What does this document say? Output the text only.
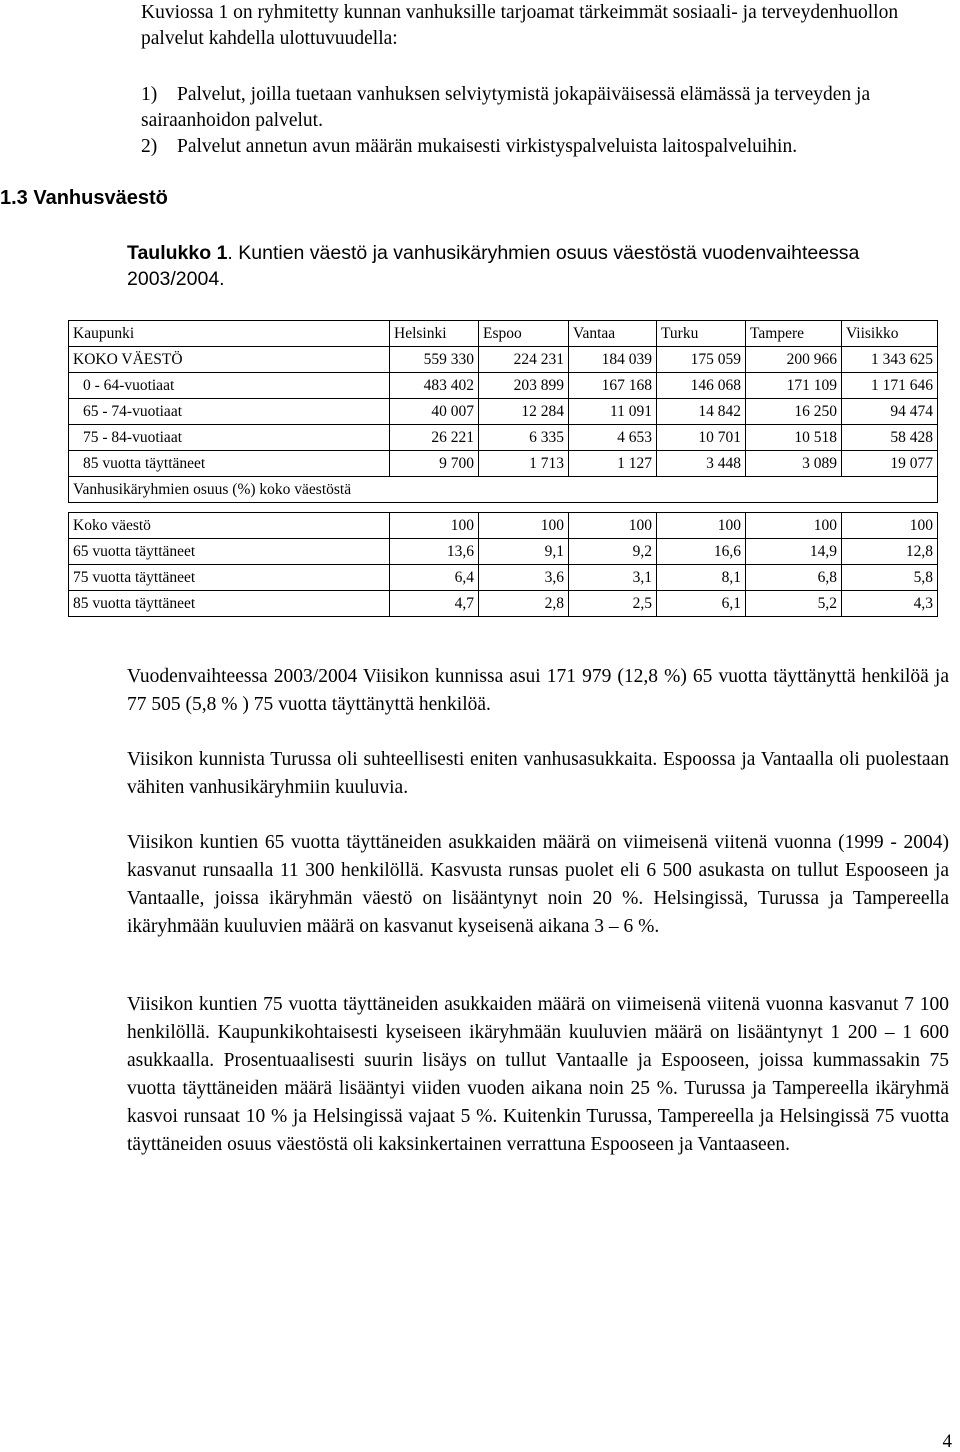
Kuviossa 1 on ryhmitetty kunnan vanhuksille tarjoamat tärkeimmät sosiaali- ja terveydenhuollon palvelut kahdella ulottuvuudella:
1) Palvelut, joilla tuetaan vanhuksen selviytymistä jokapäiväisessä elämässä ja terveyden ja sairaanhoidon palvelut.
2) Palvelut annetun avun määrän mukaisesti virkistyspalveluista laitospalveluihin.
1.3 Vanhusväestö
Taulukko 1. Kuntien väestö ja vanhusikäryhmien osuus väestöstä vuodenvaihteessa 2003/2004.
Kaupunki	Helsinki	Espoo	Vantaa	Turku	Tampere	Viisikko
KOKO VÄESTÖ	559 330	224 231	184 039	175 059	200 966	1 343 625
0 - 64-vuotiaat	483 402	203 899	167 168	146 068	171 109	1 171 646
65 - 74-vuotiaat	40 007	12 284	11 091	14 842	16 250	94 474
75 - 84-vuotiaat	26 221	6 335	4 653	10 701	10 518	58 428
85 vuotta täyttäneet	9 700	1 713	1 127	3 448	3 089	19 077
Vanhusikäryhmien osuus (%) koko väestöstä						
Koko väestö	100	100	100	100	100	100
65 vuotta täyttäneet	13,6	9,1	9,2	16,6	14,9	12,8
75 vuotta täyttäneet	6,4	3,6	3,1	8,1	6,8	5,8
85 vuotta täyttäneet	4,7	2,8	2,5	6,1	5,2	4,3
Vuodenvaihteessa 2003/2004 Viisikon kunnissa asui 171 979 (12,8 %) 65 vuotta täyttänyttä henkilöä ja 77 505 (5,8 % ) 75 vuotta täyttänyttä henkilöä.
Viisikon kunnista Turussa oli suhteellisesti eniten vanhusasukkaita. Espoossa ja Vantaalla oli puolestaan vähiten vanhusikäryhmiin kuuluvia.
Viisikon kuntien 65 vuotta täyttäneiden asukkaiden määrä on viimeisenä viitenä vuonna (1999 - 2004) kasvanut runsaalla 11 300 henkilöllä. Kasvusta runsas puolet eli 6 500 asukasta on tullut Espooseen ja Vantaalle, joissa ikäryhmän väestö on lisääntynyt noin 20 %. Helsingissä, Turussa ja Tampereella ikäryhmään kuuluvien määrä on kasvanut kyseisenä aikana 3 – 6 %.
Viisikon kuntien 75 vuotta täyttäneiden asukkaiden määrä on viimeisenä viitenä vuonna kasvanut 7 100 henkilöllä. Kaupunkikohtaisesti kyseiseen ikäryhmään kuuluvien määrä on lisääntynyt 1 200 – 1 600 asukkaalla. Prosentuaalisesti suurin lisäys on tullut Vantaalle ja Espooseen, joissa kummassakin 75 vuotta täyttäneiden määrä lisääntyi viiden vuoden aikana noin 25 %. Turussa ja Tampereella ikäryhmä kasvoi runsaat 10 % ja Helsingissä vajaat 5 %. Kuitenkin Turussa, Tampereella ja Helsingissä 75 vuotta täyttäneiden osuus väestöstä oli kaksinkertainen verrattuna Espooseen ja Vantaaseen.
4
